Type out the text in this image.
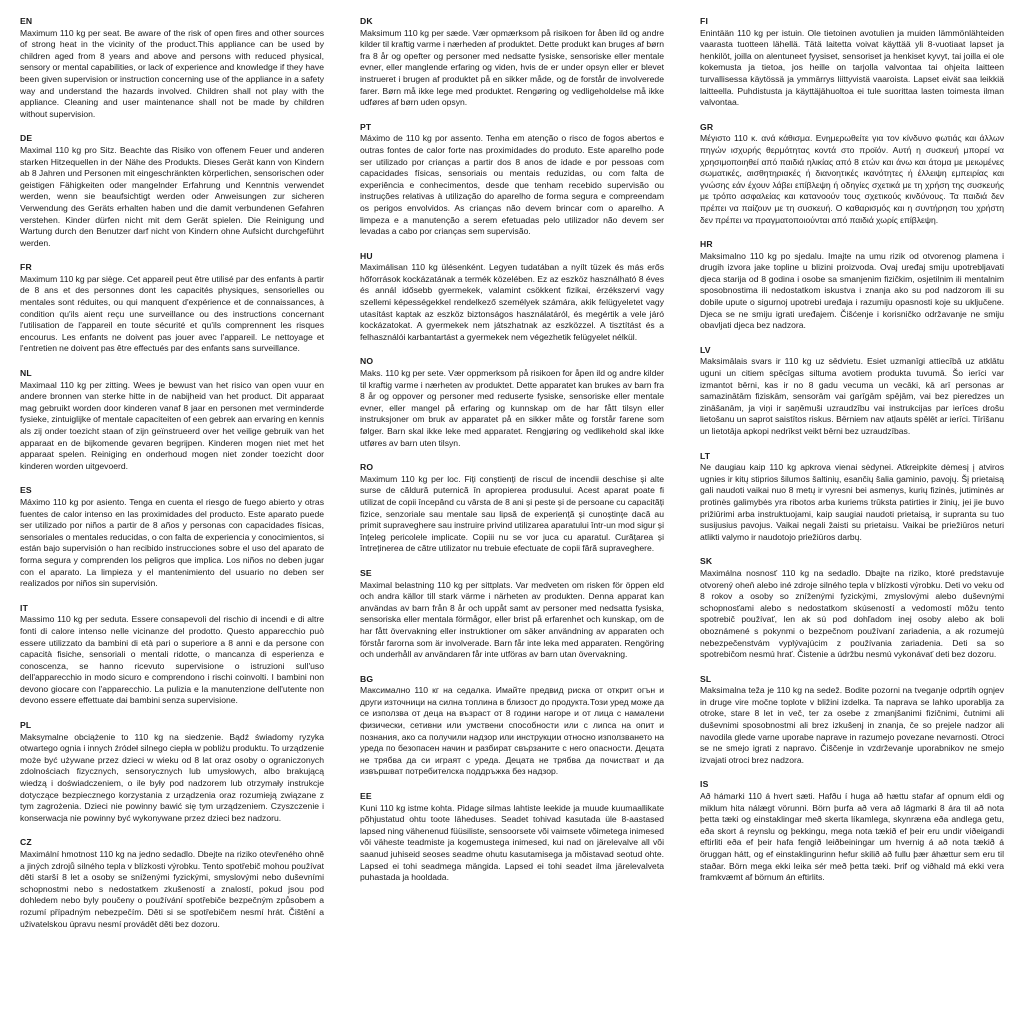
EN

Maximum 110 kg per seat. Be aware of the risk of open fires and other sources of strong heat in the vicinity of the product.This appliance can be used by children aged from 8 years and above and persons with reduced physical, sensory or mental capabilities, or lack of experience and knowledge if they have been given supervision or instruction concerning use of the appliance in a safety way and understand the hazards involved. Children shall not play with the appliance. Cleaning and user maintenance shall not be made by children without supervision.

DE

Maximal 110 kg pro Sitz. Beachte das Risiko von offenem Feuer und anderen starken Hitzequellen in der Nähe des Produkts. Dieses Gerät kann von Kindern ab 8 Jahren und Personen mit eingeschränkten körperlichen, sensorischen oder geistigen Fähigkeiten oder mangelnder Erfahrung und Kenntnis verwendet werden, wenn sie beaufsichtigt werden oder Anweisungen zur sicheren Verwendung des Geräts erhalten haben und die damit verbundenen Gefahren verstehen. Kinder dürfen nicht mit dem Gerät spielen. Die Reinigung und Wartung durch den Benutzer darf nicht von Kindern ohne Aufsicht durchgeführt werden.

FR

Maximum 110 kg par siège. Cet appareil peut être utilisé par des enfants à partir de 8 ans et des personnes dont les capacités physiques, sensorielles ou mentales sont réduites, ou qui manquent d'expérience et de connaissances, à condition qu'ils aient reçu une surveillance ou des instructions concernant l'utilisation de l'appareil en toute sécurité et qu'ils comprennent les risques encourus. Les enfants ne doivent pas jouer avec l'appareil. Le nettoyage et l'entretien ne doivent pas être effectués par des enfants sans surveillance.

NL

Maximaal 110 kg per zitting. Wees je bewust van het risico van open vuur en andere bronnen van sterke hitte in de nabijheid van het product. Dit apparaat mag gebruikt worden door kinderen vanaf 8 jaar en personen met verminderde fysieke, zintuiglijke of mentale capaciteiten of een gebrek aan ervaring en kennis als zij onder toezicht staan of zijn geïnstrueerd over het veilige gebruik van het apparaat en de bijkomende gevaren begrijpen. Kinderen mogen niet met het apparaat spelen. Reiniging en onderhoud mogen niet zonder toezicht door kinderen worden uitgevoerd.

ES

Máximo 110 kg por asiento. Tenga en cuenta el riesgo de fuego abierto y otras fuentes de calor intenso en las proximidades del producto. Este aparato puede ser utilizado por niños a partir de 8 años y personas con capacidades físicas, sensoriales o mentales reducidas, o con falta de experiencia y conocimientos, si están bajo supervisión o han recibido instrucciones sobre el uso del aparato de forma segura y comprenden los peligros que implica. Los niños no deben jugar con el aparato. La limpieza y el mantenimiento del usuario no deben ser realizados por niños sin supervisión.

IT

Massimo 110 kg per seduta. Essere consapevoli del rischio di incendi e di altre fonti di calore intenso nelle vicinanze del prodotto. Questo apparecchio può essere utilizzato da bambini di età pari o superiore a 8 anni e da persone con capacità fisiche, sensoriali o mentali ridotte, o mancanza di esperienza e conoscenza, se hanno ricevuto supervisione o istruzioni sull'uso dell'apparecchio in modo sicuro e comprendono i rischi coinvolti. I bambini non devono giocare con l'apparecchio. La pulizia e la manutenzione dell'utente non devono essere effettuate dai bambini senza supervisione.

PL

Maksymalne obciążenie to 110 kg na siedzenie. Bądź świadomy ryzyka otwartego ognia i innych źródeł silnego ciepła w pobliżu produktu. To urządzenie może być używane przez dzieci w wieku od 8 lat oraz osoby o ograniczonych zdolnościach fizycznych, sensorycznych lub umysłowych, albo brakującą wiedzą i doświadczeniem, o ile były pod nadzorem lub otrzymały instrukcje dotyczące bezpiecznego korzystania z urządzenia oraz rozumieją związane z tym zagrożenia. Dzieci nie powinny bawić się tym urządzeniem. Czyszczenie i konserwacja nie powinny być wykonywane przez dzieci bez nadzoru.

CZ

Maximální hmotnost 110 kg na jedno sedadlo. Dbejte na riziko otevřeného ohně a jiných zdrojů silného tepla v blízkosti výrobku. Tento spotřebič mohou používat děti starší 8 let a osoby se sníženými fyzickými, smyslovými nebo duševními schopnostmi nebo s nedostatkem zkušeností a znalostí, pokud jsou pod dohledem nebo byly poučeny o používání spotřebiče bezpečným způsobem a rozumí případným nebezpečím. Děti si se spotřebičem nesmí hrát. Čištění a uživatelskou úpravu nesmí provádět děti bez dozoru.

DK

Maksimum 110 kg per sæde. Vær opmærksom på risikoen for åben ild og andre kilder til kraftig varme i nærheden af produktet. Dette produkt kan bruges af børn fra 8 år og opefter og personer med nedsatte fysiske, sensoriske eller mentale evner, eller manglende erfaring og viden, hvis de er under opsyn eller er blevet instrueret i brugen af produktet på en sikker måde, og de forstår de involverede farer. Børn må ikke lege med produktet. Rengøring og vedligeholdelse må ikke udføres af børn uden opsyn.

PT

Máximo de 110 kg por assento. Tenha em atenção o risco de fogos abertos e outras fontes de calor forte nas proximidades do produto. Este aparelho pode ser utilizado por crianças a partir dos 8 anos de idade e por pessoas com capacidades físicas, sensoriais ou mentais reduzidas, ou com falta de experiência e conhecimentos, desde que tenham recebido supervisão ou instruções relativas à utilização do aparelho de forma segura e compreendam os perigos envolvidos. As crianças não devem brincar com o aparelho. A limpeza e a manutenção a serem efetuadas pelo utilizador não devem ser levadas a cabo por crianças sem supervisão.

HU

Maximálisan 110 kg ülésenként. Legyen tudatában a nyílt tüzek és más erős hőforrások kockázatának a termék közelében. Ez az eszköz használható 8 éves és annál idősebb gyermekek, valamint csökkent fizikai, érzékszervi vagy szellemi képességekkel rendelkező személyek számára, akik felügyeletet vagy utasítást kaptak az eszköz biztonságos használatáról, és megértik a vele járó kockázatokat. A gyermekek nem játszhatnak az eszközzel. A tisztítást és a felhasználói karbantartást a gyermekek nem végezhetik felügyelet nélkül.

NO

Maks. 110 kg per sete. Vær oppmerksom på risikoen for åpen ild og andre kilder til kraftig varme i nærheten av produktet. Dette apparatet kan brukes av barn fra 8 år og oppover og personer med reduserte fysiske, sensoriske eller mentale evner, eller mangel på erfaring og kunnskap om de har fått tilsyn eller instruksjoner om bruk av apparatet på en sikker måte og forstår farene som følger. Barn skal ikke leke med apparatet. Rengjøring og vedlikehold skal ikke utføres av barn uten tilsyn.

RO

Maximum 110 kg per loc. Fiți conștienți de riscul de incendii deschise și alte surse de căldură puternică în apropierea produsului. Acest aparat poate fi utilizat de copii începând cu vârsta de 8 ani și peste și de persoane cu capacități fizice, senzoriale sau mentale sau lipsă de experiență și cunoștințe dacă au primit supraveghere sau instruire privind utilizarea aparatului într-un mod sigur și înțeleg pericolele implicate. Copiii nu se vor juca cu aparatul. Curățarea și întreținerea de către utilizator nu trebuie efectuate de copii fără supraveghere.

SE

Maximal belastning 110 kg per sittplats. Var medveten om risken för öppen eld och andra källor till stark värme i närheten av produkten. Denna apparat kan användas av barn från 8 år och uppåt samt av personer med nedsatta fysiska, sensoriska eller mentala förmågor, eller brist på erfarenhet och kunskap, om de har fått övervakning eller instruktioner om säker användning av apparaten och förstår farorna som är involverade. Barn får inte leka med apparaten. Rengöring och underhåll av användaren får inte utföras av barn utan övervakning.

BG

Максимално 110 кг на седалка. Имайте предвид риска от открит огън и други източници на силна топлина в близост до продукта.Този уред може да се използва от деца на възраст от 8 години нагоре и от лица с намалени физически, сетивни или умствени способности или с липса на опит и познания, ако са получили надзор или инструкции относно използването на уреда по безопасен начин и разбират свързаните с него опасности. Децата не трябва да си играят с уреда. Децата не трябва да почистват и да извършват потребителска поддръжка без надзор.

EE

Kuni 110 kg istme kohta. Pidage silmas lahtiste leekide ja muude kuumaallikate põhjustatud ohtu toote läheduses. Seadet tohivad kasutada üle 8-aastased lapsed ning vähenenud füüsiliste, sensoorsete või vaimsete võimetega inimesed või väheste teadmiste ja kogemustega inimesed, kui nad on järelevalve all või saanud juhiseid seoses seadme ohutu kasutamisega ja mõistavad seotud ohte. Lapsed ei tohi seadmega mängida. Lapsed ei tohi seadet ilma järelevalveta puhastada ja hooldada.

FI

Enintään 110 kg per istuin. Ole tietoinen avotulien ja muiden lämmönlähteiden vaarasta tuotteen lähellä. Tätä laitetta voivat käyttää yli 8-vuotiaat lapset ja henkilöt, joilla on alentuneet fyysiset, sensoriset ja henkiset kyvyt, tai joilla ei ole kokemusta ja tietoa, jos heille on tarjolla valvontaa tai ohjeita laitteen turvallisessa käytössä ja ymmärrys liittyvistä vaaroista. Lapset eivät saa leikkiä laitteella. Puhdistusta ja käyttäjähuoltoa ei tule suorittaa lasten toimesta ilman valvontaa.

GR

Μέγιστο 110 κ. ανά κάθισμα. Ενημερωθείτε για τον κίνδυνο φωτιάς και άλλων πηγών ισχυρής θερμότητας κοντά στο προϊόν. Αυτή η συσκευή μπορεί να χρησιμοποιηθεί από παιδιά ηλικίας από 8 ετών και άνω και άτομα με μειωμένες σωματικές, αισθητηριακές ή διανοητικές ικανότητες ή έλλειψη εμπειρίας και γνώσης εάν έχουν λάβει επίβλεψη ή οδηγίες σχετικά με τη χρήση της συσκευής με τρόπο ασφαλείας και κατανοούν τους σχετικούς κινδύνους. Τα παιδιά δεν πρέπει να παίζουν με τη συσκευή. Ο καθαρισμός και η συντήρηση του χρήστη δεν πρέπει να πραγματοποιούνται από παιδιά χωρίς επίβλεψη.

HR

Maksimalno 110 kg po sjedalu. Imajte na umu rizik od otvorenog plamena i drugih izvora jake topline u blizini proizvoda. Ovaj uređaj smiju upotrebljavati djeca starija od 8 godina i osobe sa smanjenim fizičkim, osjetilnim ili mentalnim sposobnostima ili nedostatkom iskustva i znanja ako su pod nadzorom ili su dobile upute o sigurnoj upotrebi uređaja i razumiju opasnosti koje su uključene. Djeca se ne smiju igrati uređajem. Čišćenje i korisničko održavanje ne smiju obavljati djeca bez nadzora.

LV

Maksimālais svars ir 110 kg uz sēdvietu. Esiet uzmanīgi attiecībā uz atklātu uguni un citiem spēcīgas siltuma avotiem produkta tuvumā. Šo ierīci var izmantot bērni, kas ir no 8 gadu vecuma un vecāki, kā arī personas ar samazinātām fiziskām, sensorām vai garīgām spējām, vai bez pieredzes un zināšanām, ja viņi ir saņēmuši uzraudzību vai instrukcijas par ierīces drošu lietošanu un saprot saistītos riskus. Bērniem nav atļauts spēlēt ar ierīci. Tīrīšanu un lietotāja apkopi nedrīkst veikt bērni bez uzraudzības.

LT

Ne daugiau kaip 110 kg apkrova vienai sėdynei. Atkreipkite dėmesį į atviros ugnies ir kitų stiprios šilumos šaltinių, esančių šalia gaminio, pavojų. Šį prietaisą gali naudoti vaikai nuo 8 metų ir vyresni bei asmenys, kurių fizinės, jutiminės ar protinės galimybės yra ribotos arba kuriems trūksta patirties ir žinių, jei jie buvo prižiūrimi arba instruktuojami, kaip saugiai naudoti prietaisą, ir supranta su tuo susijusius pavojus. Vaikai negali žaisti su prietaisu. Vaikai be priežiūros neturi atlikti valymo ir naudotojo priežiūros darbų.

SK

Maximálna nosnosť 110 kg na sedadlo. Dbajte na riziko, ktoré predstavuje otvorený oheň alebo iné zdroje silného tepla v blízkosti výrobku. Deti vo veku od 8 rokov a osoby so zníženými fyzickými, zmyslovými alebo duševnými schopnosťami alebo s nedostatkom skúseností a vedomostí môžu tento spotrebič používať, len ak sú pod dohľadom inej osoby alebo ak boli oboznámené s pokynmi o bezpečnom používaní zariadenia, a ak rozumejú nebezpečenstvám vyplývajúcim z používania zariadenia. Deti sa so spotrebičom nesmú hrať. Čistenie a údržbu nesmú vykonávať deti bez dozoru.

SL

Maksimalna teža je 110 kg na sedež. Bodite pozorni na tveganje odprtih ognjev in druge vire močne toplote v bližini izdelka. Ta naprava se lahko uporablja za otroke, stare 8 let in več, ter za osebe z zmanjšanimi fizičnimi, čutnimi ali duševnimi sposobnostmi ali brez izkušenj in znanja, če so prejele nadzor ali navodila glede varne uporabe naprave in razumejo povezane nevarnosti. Otroci se ne smejo igrati z napravo. Čiščenje in vzdrževanje uporabnikov ne smejo izvajati otroci brez nadzora.

IS

Að hámarki 110 á hvert sæti. Hafðu í huga að hættu stafar af opnum eldi og miklum hita nálægt vörunni. Börn þurfa að vera að lágmarki 8 ára til að nota þetta tæki og einstaklingar með skerta líkamlega, skynræna eða andlega getu, eða skort á reynslu og þekkingu, mega nota tækið ef þeir eru undir viðeigandi eftirliti eða ef þeir hafa fengið leiðbeiningar um hvernig á að nota tækið á öruggan hátt, og ef einstaklingurinn hefur skilið að fullu þær áhættur sem eru til staðar. Börn mega ekki leika sér með þetta tæki. Þrif og viðhald má ekki vera framkvæmt af börnum án eftirlits.
